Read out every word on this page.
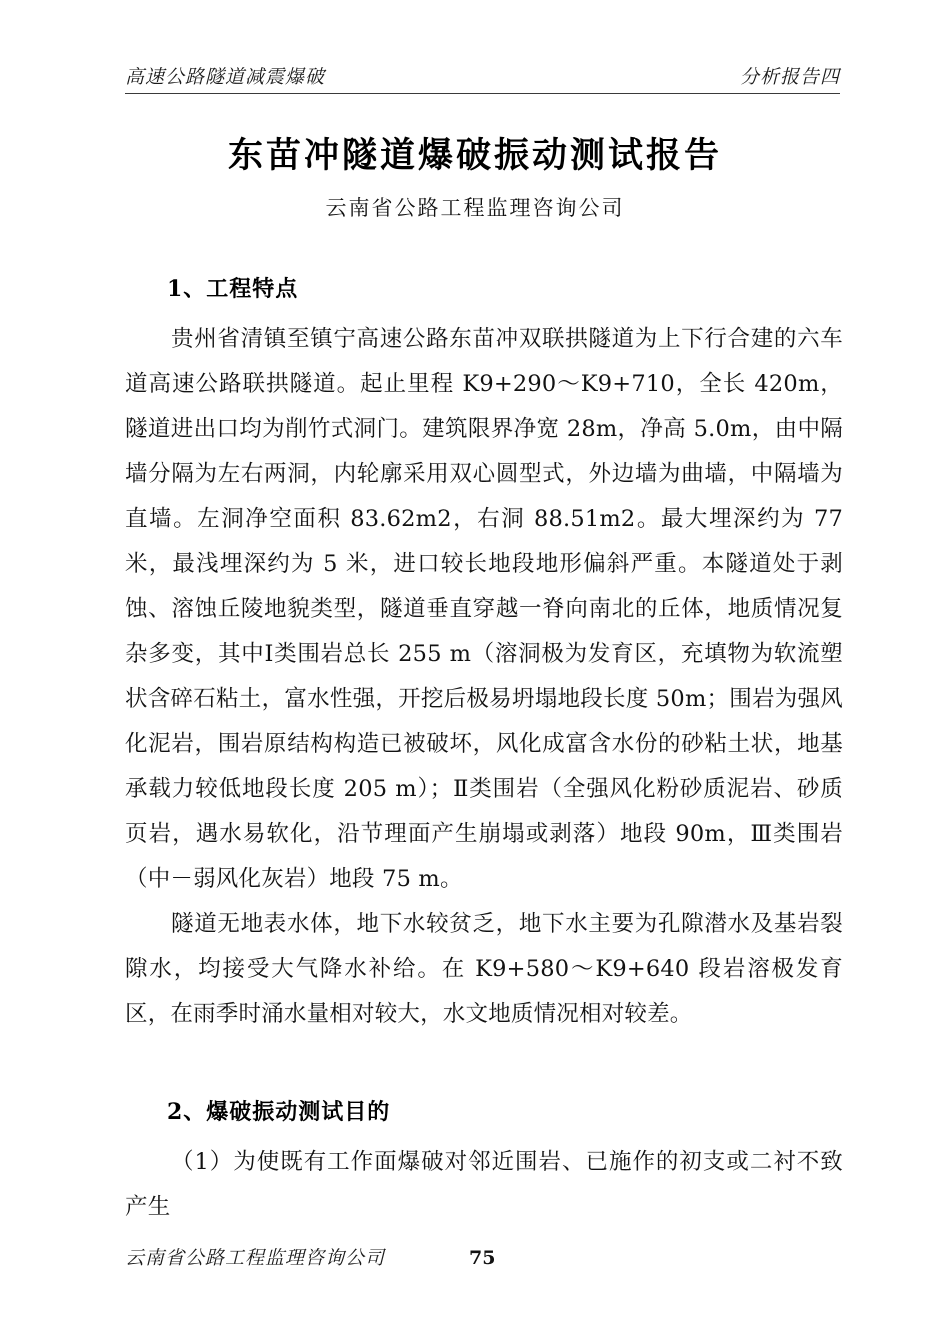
高速公路隧道减震爆破	分析报告四
东苗冲隧道爆破振动测试报告
云南省公路工程监理咨询公司
1、工程特点

贵州省清镇至镇宁高速公路东苗冲双联拱隧道为上下行合建的六车道高速公路联拱隧道。起止里程 K9+290～K9+710，全长 420m，隧道进出口均为削竹式洞门。建筑限界净宽 28m，净高 5.0m，由中隔墙分隔为左右两洞，内轮廓采用双心圆型式，外边墙为曲墙，中隔墙为直墙。左洞净空面积 83.62m2，右洞 88.51m2。最大埋深约为 77 米，最浅埋深约为 5 米，进口较长地段地形偏斜严重。本隧道处于剥蚀、溶蚀丘陵地貌类型，隧道垂直穿越一脊向南北的丘体，地质情况复杂多变，其中Ⅰ类围岩总长 255 m（溶洞极为发育区，充填物为软流塑状含碎石粘土，富水性强，开挖后极易坍塌地段长度 50m；围岩为强风化泥岩，围岩原结构构造已被破坏，风化成富含水份的砂粘土状，地基承载力较低地段长度 205 m）；Ⅱ类围岩（全强风化粉砂质泥岩、砂质页岩，遇水易软化，沿节理面产生崩塌或剥落）地段 90m，Ⅲ类围岩（中－弱风化灰岩）地段 75 m。

隧道无地表水体，地下水较贫乏，地下水主要为孔隙潜水及基岩裂隙水，均接受大气降水补给。在 K9+580～K9+640 段岩溶极发育区，在雨季时涌水量相对较大，水文地质情况相对较差。

2、爆破振动测试目的

（1）为使既有工作面爆破对邻近围岩、已施作的初支或二衬不致产生

云南省公路工程监理咨询公司	75
